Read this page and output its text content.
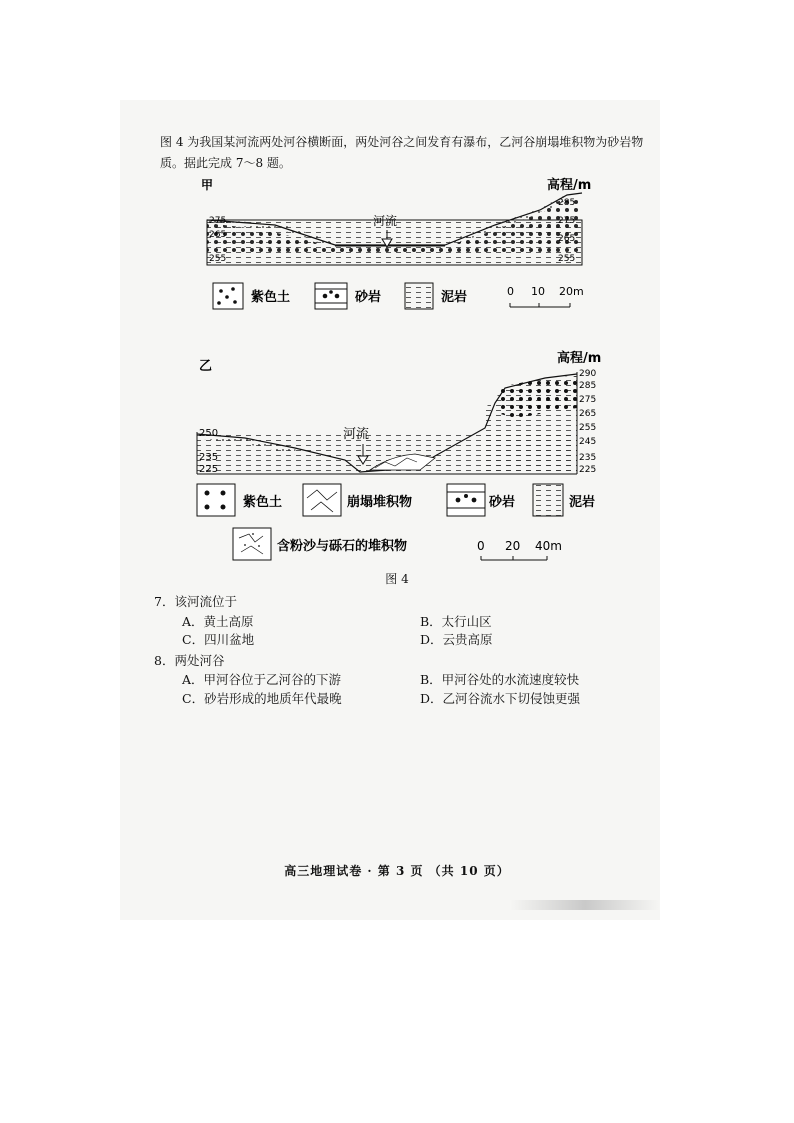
图 4 为我国某河流两处河谷横断面，两处河谷之间发育有瀑布，乙河谷崩塌堆积物为砂岩物质。据此完成 7～8 题。
甲	高程/m
275
265
255
285
275
265
255
河流
紫色土	砂岩	泥岩	0 10 20m
乙
高程/m
250
235
225
290
285
275
265
255
245
235
225
河流
紫色土	崩塌堆积物	砂岩	泥岩
含粉沙与砾石的堆积物	0 20 40m
图 4
7．该河流位于
A．黄土高原	B．太行山区
C．四川盆地	D．云贵高原
8．两处河谷
A．甲河谷位于乙河谷的下游	B．甲河谷处的水流速度较快
C．砂岩形成的地质年代最晚	D．乙河谷流水下切侵蚀更强
高三地理试卷 · 第 3 页 （共 10 页）
